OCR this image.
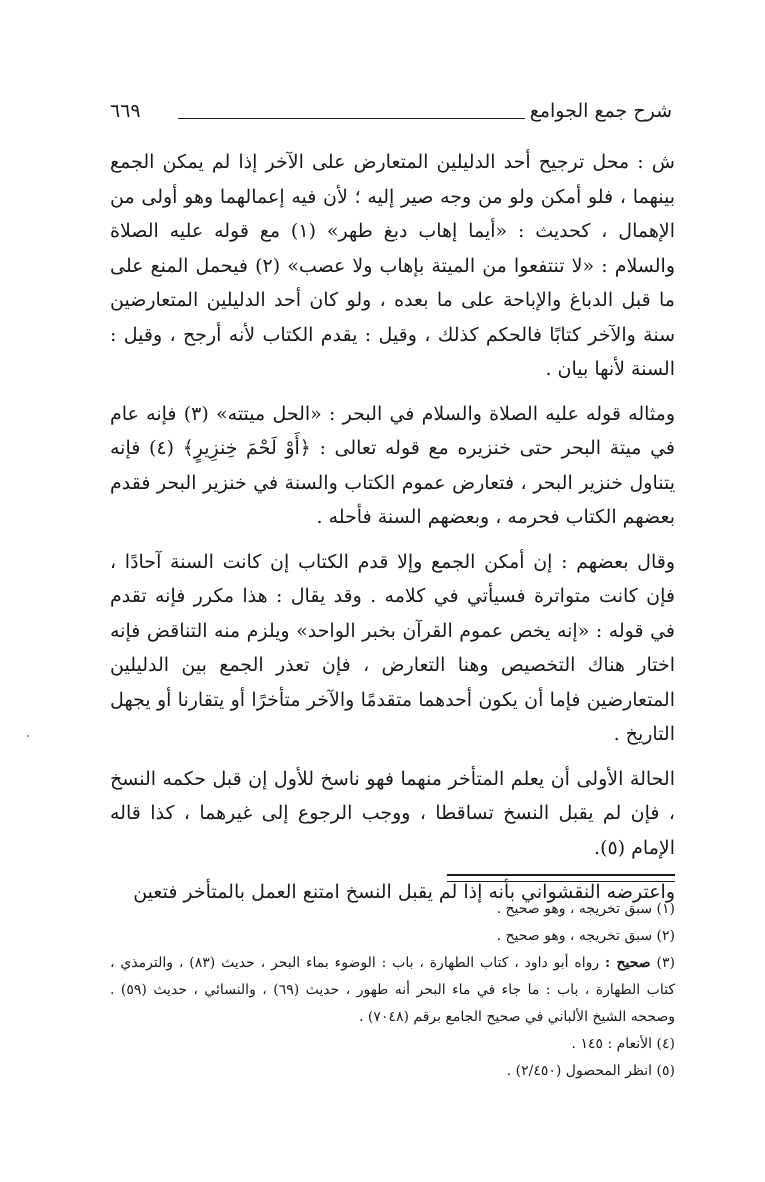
شرح جمع الجوامع
٦٦٩

ش : محل ترجيح أحد الدليلين المتعارض على الآخر إذا لم يمكن الجمع بينهما ، فلو أمكن ولو من وجه صير إليه ؛ لأن فيه إعمالهما وهو أولى من الإهمال ، كحديث : «أيما إهاب دبغ طهر» (١) مع قوله عليه الصلاة والسلام : «لا تنتفعوا من الميتة بإهاب ولا عصب» (٢) فيحمل المنع على ما قبل الدباغ والإباحة على ما بعده ، ولو كان أحد الدليلين المتعارضين سنة والآخر كتابًا فالحكم كذلك ، وقيل : يقدم الكتاب لأنه أرجح ، وقيل : السنة لأنها بيان .

ومثاله قوله عليه الصلاة والسلام في البحر : «الحل ميتته» (٣) فإنه عام في ميتة البحر حتى خنزيره مع قوله تعالى : ﴿أَوْ لَحْمَ خِنزِيرٍ﴾ (٤) فإنه يتناول خنزير البحر ، فتعارض عموم الكتاب والسنة في خنزير البحر فقدم بعضهم الكتاب فحرمه ، وبعضهم السنة فأحله .

وقال بعضهم : إن أمكن الجمع وإلا قدم الكتاب إن كانت السنة آحادًا ، فإن كانت متواترة فسيأتي في كلامه . وقد يقال : هذا مكرر فإنه تقدم في قوله : «إنه يخص عموم القرآن بخبر الواحد» ويلزم منه التناقض فإنه اختار هناك التخصيص وهنا التعارض ، فإن تعذر الجمع بين الدليلين المتعارضين فإما أن يكون أحدهما متقدمًا والآخر متأخرًا أو يتقارنا أو يجهل التاريخ .

الحالة الأولى أن يعلم المتأخر منهما فهو ناسخ للأول إن قبل حكمه النسخ ، فإن لم يقبل النسخ تساقطا ، ووجب الرجوع إلى غيرهما ، كذا قاله الإمام (٥).

واعترضه النقشواني بأنه إذا لم يقبل النسخ امتنع العمل بالمتأخر فتعين

(١) سبق تخريجه ، وهو صحيح .

(٢) سبق تخريجه ، وهو صحيح .

(٣) صحيح : رواه أبو داود ، كتاب الطهارة ، باب : الوضوء بماء البحر ، حديث (٨٣) ، والترمذي ، كتاب الطهارة ، باب : ما جاء في ماء البحر أنه طهور ، حديث (٦٩) ، والنسائي ، حديث (٥٩) . وصححه الشيخ الألباني في صحيح الجامع برقم (٧٠٤٨) .

(٤) الأنعام : ١٤٥ .

(٥) انظر المحصول (٢/٤٥٠) .
